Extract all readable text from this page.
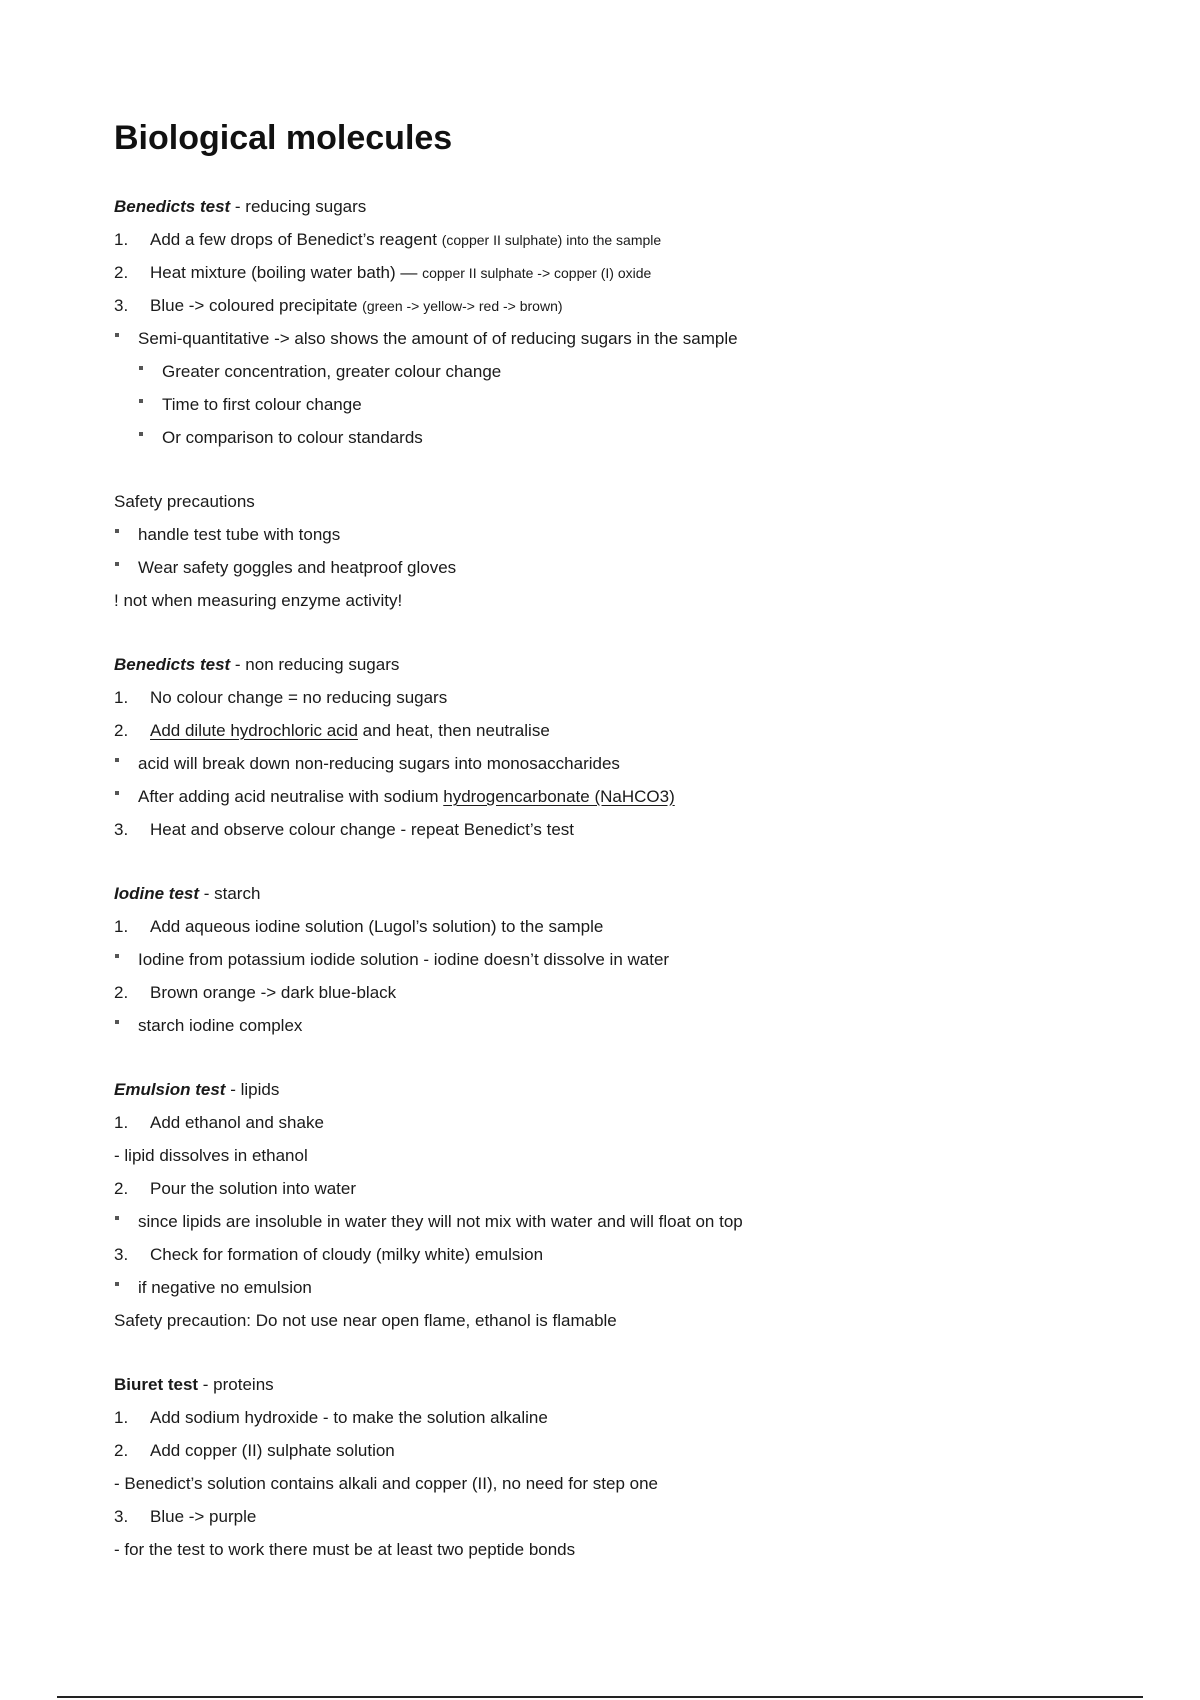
Biological molecules
Benedicts test - reducing sugars
1. Add a few drops of Benedict’s reagent (copper II sulphate) into the sample
2. Heat mixture (boiling water bath) — copper II sulphate -> copper (I) oxide
3. Blue -> coloured precipitate (green -> yellow-> red -> brown)
Semi-quantitative -> also shows the amount of of reducing sugars in the sample
Greater concentration, greater colour change
Time to first colour change
Or comparison to colour standards
Safety precautions
handle test tube with tongs
Wear safety goggles and heatproof gloves
! not when measuring enzyme activity!
Benedicts test - non reducing sugars
1. No colour change = no reducing sugars
2. Add dilute hydrochloric acid and heat, then neutralise
acid will break down non-reducing sugars into monosaccharides
After adding acid neutralise with sodium hydrogencarbonate (NaHCO3)
3. Heat and observe colour change - repeat Benedict’s test
Iodine test - starch
1. Add aqueous iodine solution (Lugol’s solution) to the sample
Iodine from potassium iodide solution - iodine doesn’t dissolve in water
2. Brown orange -> dark blue-black
starch iodine complex
Emulsion test - lipids
1. Add ethanol and shake
- lipid dissolves in ethanol
2. Pour the solution into water
since lipids are insoluble in water they will not mix with water and will float on top
3. Check for formation of cloudy (milky white) emulsion
if negative no emulsion
Safety precaution: Do not use near open flame, ethanol is flamable
Biuret test - proteins
1. Add sodium hydroxide - to make the solution alkaline
2. Add copper (II) sulphate solution
- Benedict’s solution contains alkali and copper (II), no need for step one
3. Blue -> purple
- for the test to work there must be at least two peptide bonds
